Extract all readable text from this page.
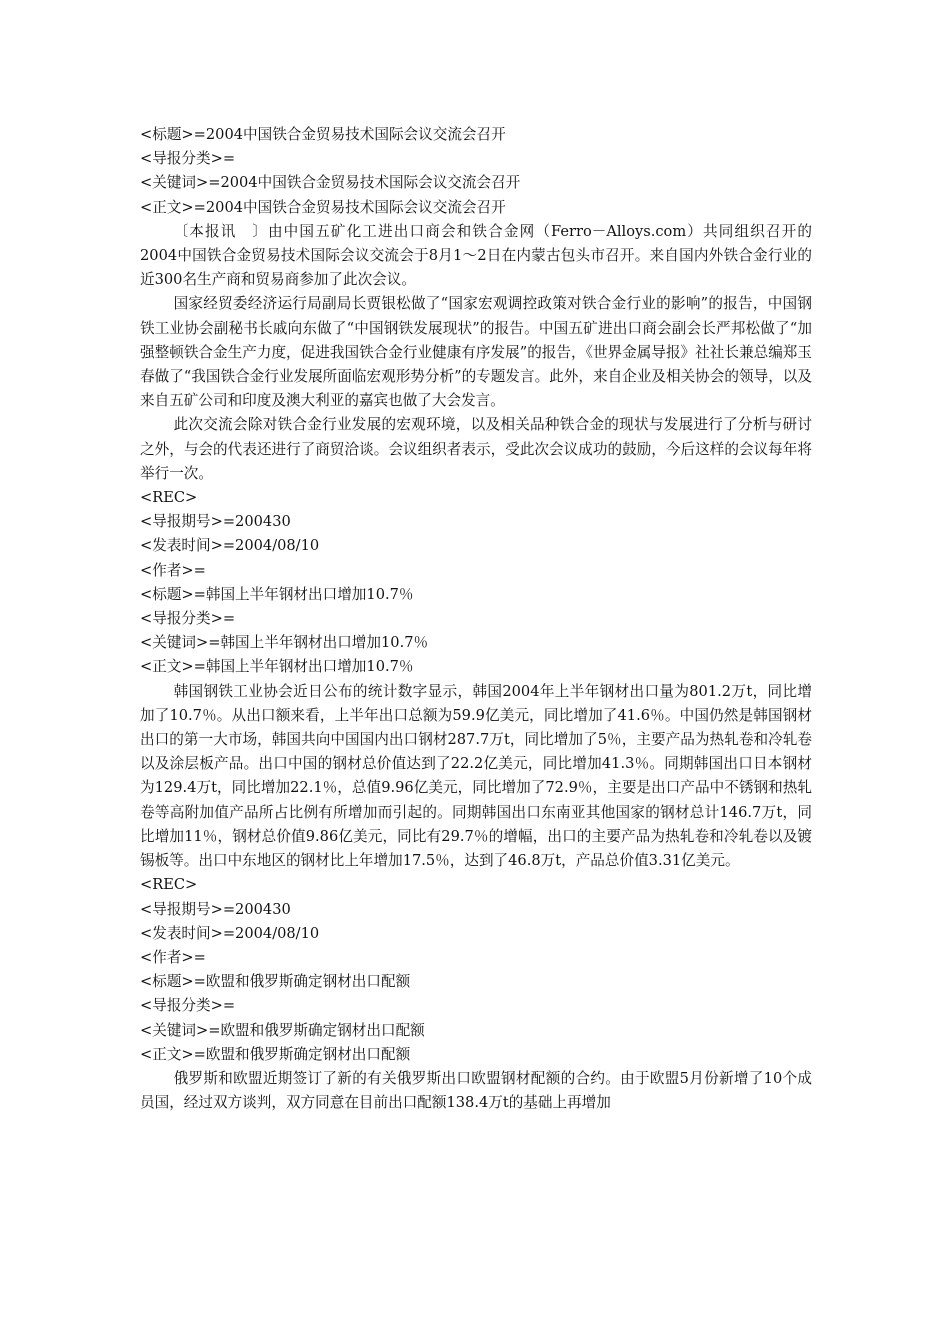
<标题>=2004中国铁合金贸易技术国际会议交流会召开
<导报分类>=
<关键词>=2004中国铁合金贸易技术国际会议交流会召开
<正文>=2004中国铁合金贸易技术国际会议交流会召开

〔本报讯　〕由中国五矿化工进出口商会和铁合金网（Ferro－Alloys.com）共同组织召开的2004中国铁合金贸易技术国际会议交流会于8月1～2日在内蒙古包头市召开。来自国内外铁合金行业的近300名生产商和贸易商参加了此次会议。

国家经贸委经济运行局副局长贾银松做了“国家宏观调控政策对铁合金行业的影响”的报告，中国钢铁工业协会副秘书长戚向东做了“中国钢铁发展现状”的报告。中国五矿进出口商会副会长严邦松做了“加强整顿铁合金生产力度，促进我国铁合金行业健康有序发展”的报告，《世界金属导报》社社长兼总编郑玉春做了“我国铁合金行业发展所面临宏观形势分析”的专题发言。此外，来自企业及相关协会的领导，以及来自五矿公司和印度及澳大利亚的嘉宾也做了大会发言。

此次交流会除对铁合金行业发展的宏观环境，以及相关品种铁合金的现状与发展进行了分析与研讨之外，与会的代表还进行了商贸洽谈。会议组织者表示，受此次会议成功的鼓励，今后这样的会议每年将举行一次。

<REC>
<导报期号>=200430
<发表时间>=2004/08/10
<作者>=
<标题>=韩国上半年钢材出口增加10.7％
<导报分类>=
<关键词>=韩国上半年钢材出口增加10.7％
<正文>=韩国上半年钢材出口增加10.7％

韩国钢铁工业协会近日公布的统计数字显示，韩国2004年上半年钢材出口量为801.2万t，同比增加了10.7％。从出口额来看，上半年出口总额为59.9亿美元，同比增加了41.6％。中国仍然是韩国钢材出口的第一大市场，韩国共向中国国内出口钢材287.7万t，同比增加了5％，主要产品为热轧卷和冷轧卷以及涂层板产品。出口中国的钢材总价值达到了22.2亿美元，同比增加41.3％。同期韩国出口日本钢材为129.4万t，同比增加22.1％，总值9.96亿美元，同比增加了72.9％，主要是出口产品中不锈钢和热轧卷等高附加值产品所占比例有所增加而引起的。同期韩国出口东南亚其他国家的钢材总计146.7万t，同比增加11％，钢材总价值9.86亿美元，同比有29.7％的增幅，出口的主要产品为热轧卷和冷轧卷以及镀锡板等。出口中东地区的钢材比上年增加17.5％，达到了46.8万t，产品总价值3.31亿美元。

<REC>
<导报期号>=200430
<发表时间>=2004/08/10
<作者>=
<标题>=欧盟和俄罗斯确定钢材出口配额
<导报分类>=
<关键词>=欧盟和俄罗斯确定钢材出口配额
<正文>=欧盟和俄罗斯确定钢材出口配额

俄罗斯和欧盟近期签订了新的有关俄罗斯出口欧盟钢材配额的合约。由于欧盟5月份新增了10个成员国，经过双方谈判，双方同意在目前出口配额138.4万t的基础上再增加
